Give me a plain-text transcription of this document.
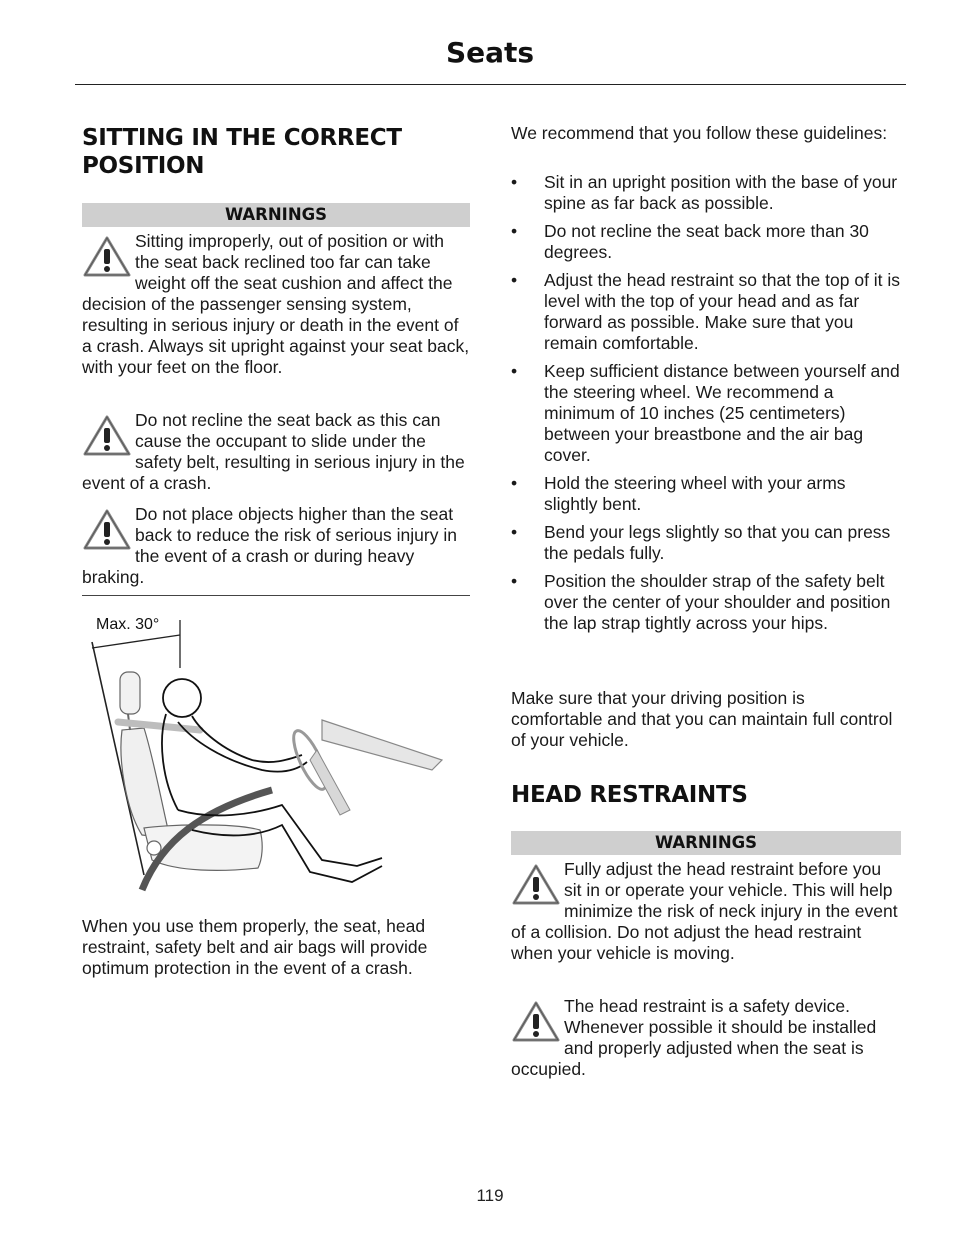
Seats
SITTING IN THE CORRECT POSITION
WARNINGS

Sitting improperly, out of position or with the seat back reclined too far can take weight off the seat cushion and affect the decision of the passenger sensing system, resulting in serious injury or death in the event of a crash. Always sit upright against your seat back, with your feet on the floor.

Do not recline the seat back as this can cause the occupant to slide under the safety belt, resulting in serious injury in the event of a crash.

Do not place objects higher than the seat back to reduce the risk of serious injury in the event of a crash or during heavy braking.

When you use them properly, the seat, head restraint, safety belt and air bags will provide optimum protection in the event of a crash.
Max. 30°
We recommend that you follow these guidelines:
• Sit in an upright position with the base of your spine as far back as possible.
• Do not recline the seat back more than 30 degrees.
• Adjust the head restraint so that the top of it is level with the top of your head and as far forward as possible. Make sure that you remain comfortable.
• Keep sufficient distance between yourself and the steering wheel. We recommend a minimum of 10 inches (25 centimeters) between your breastbone and the air bag cover.
• Hold the steering wheel with your arms slightly bent.
• Bend your legs slightly so that you can press the pedals fully.
• Position the shoulder strap of the safety belt over the center of your shoulder and position the lap strap tightly across your hips.
Make sure that your driving position is comfortable and that you can maintain full control of your vehicle.
HEAD RESTRAINTS
WARNINGS

Fully adjust the head restraint before you sit in or operate your vehicle. This will help minimize the risk of neck injury in the event of a collision. Do not adjust the head restraint when your vehicle is moving.

The head restraint is a safety device. Whenever possible it should be installed and properly adjusted when the seat is occupied.

119
